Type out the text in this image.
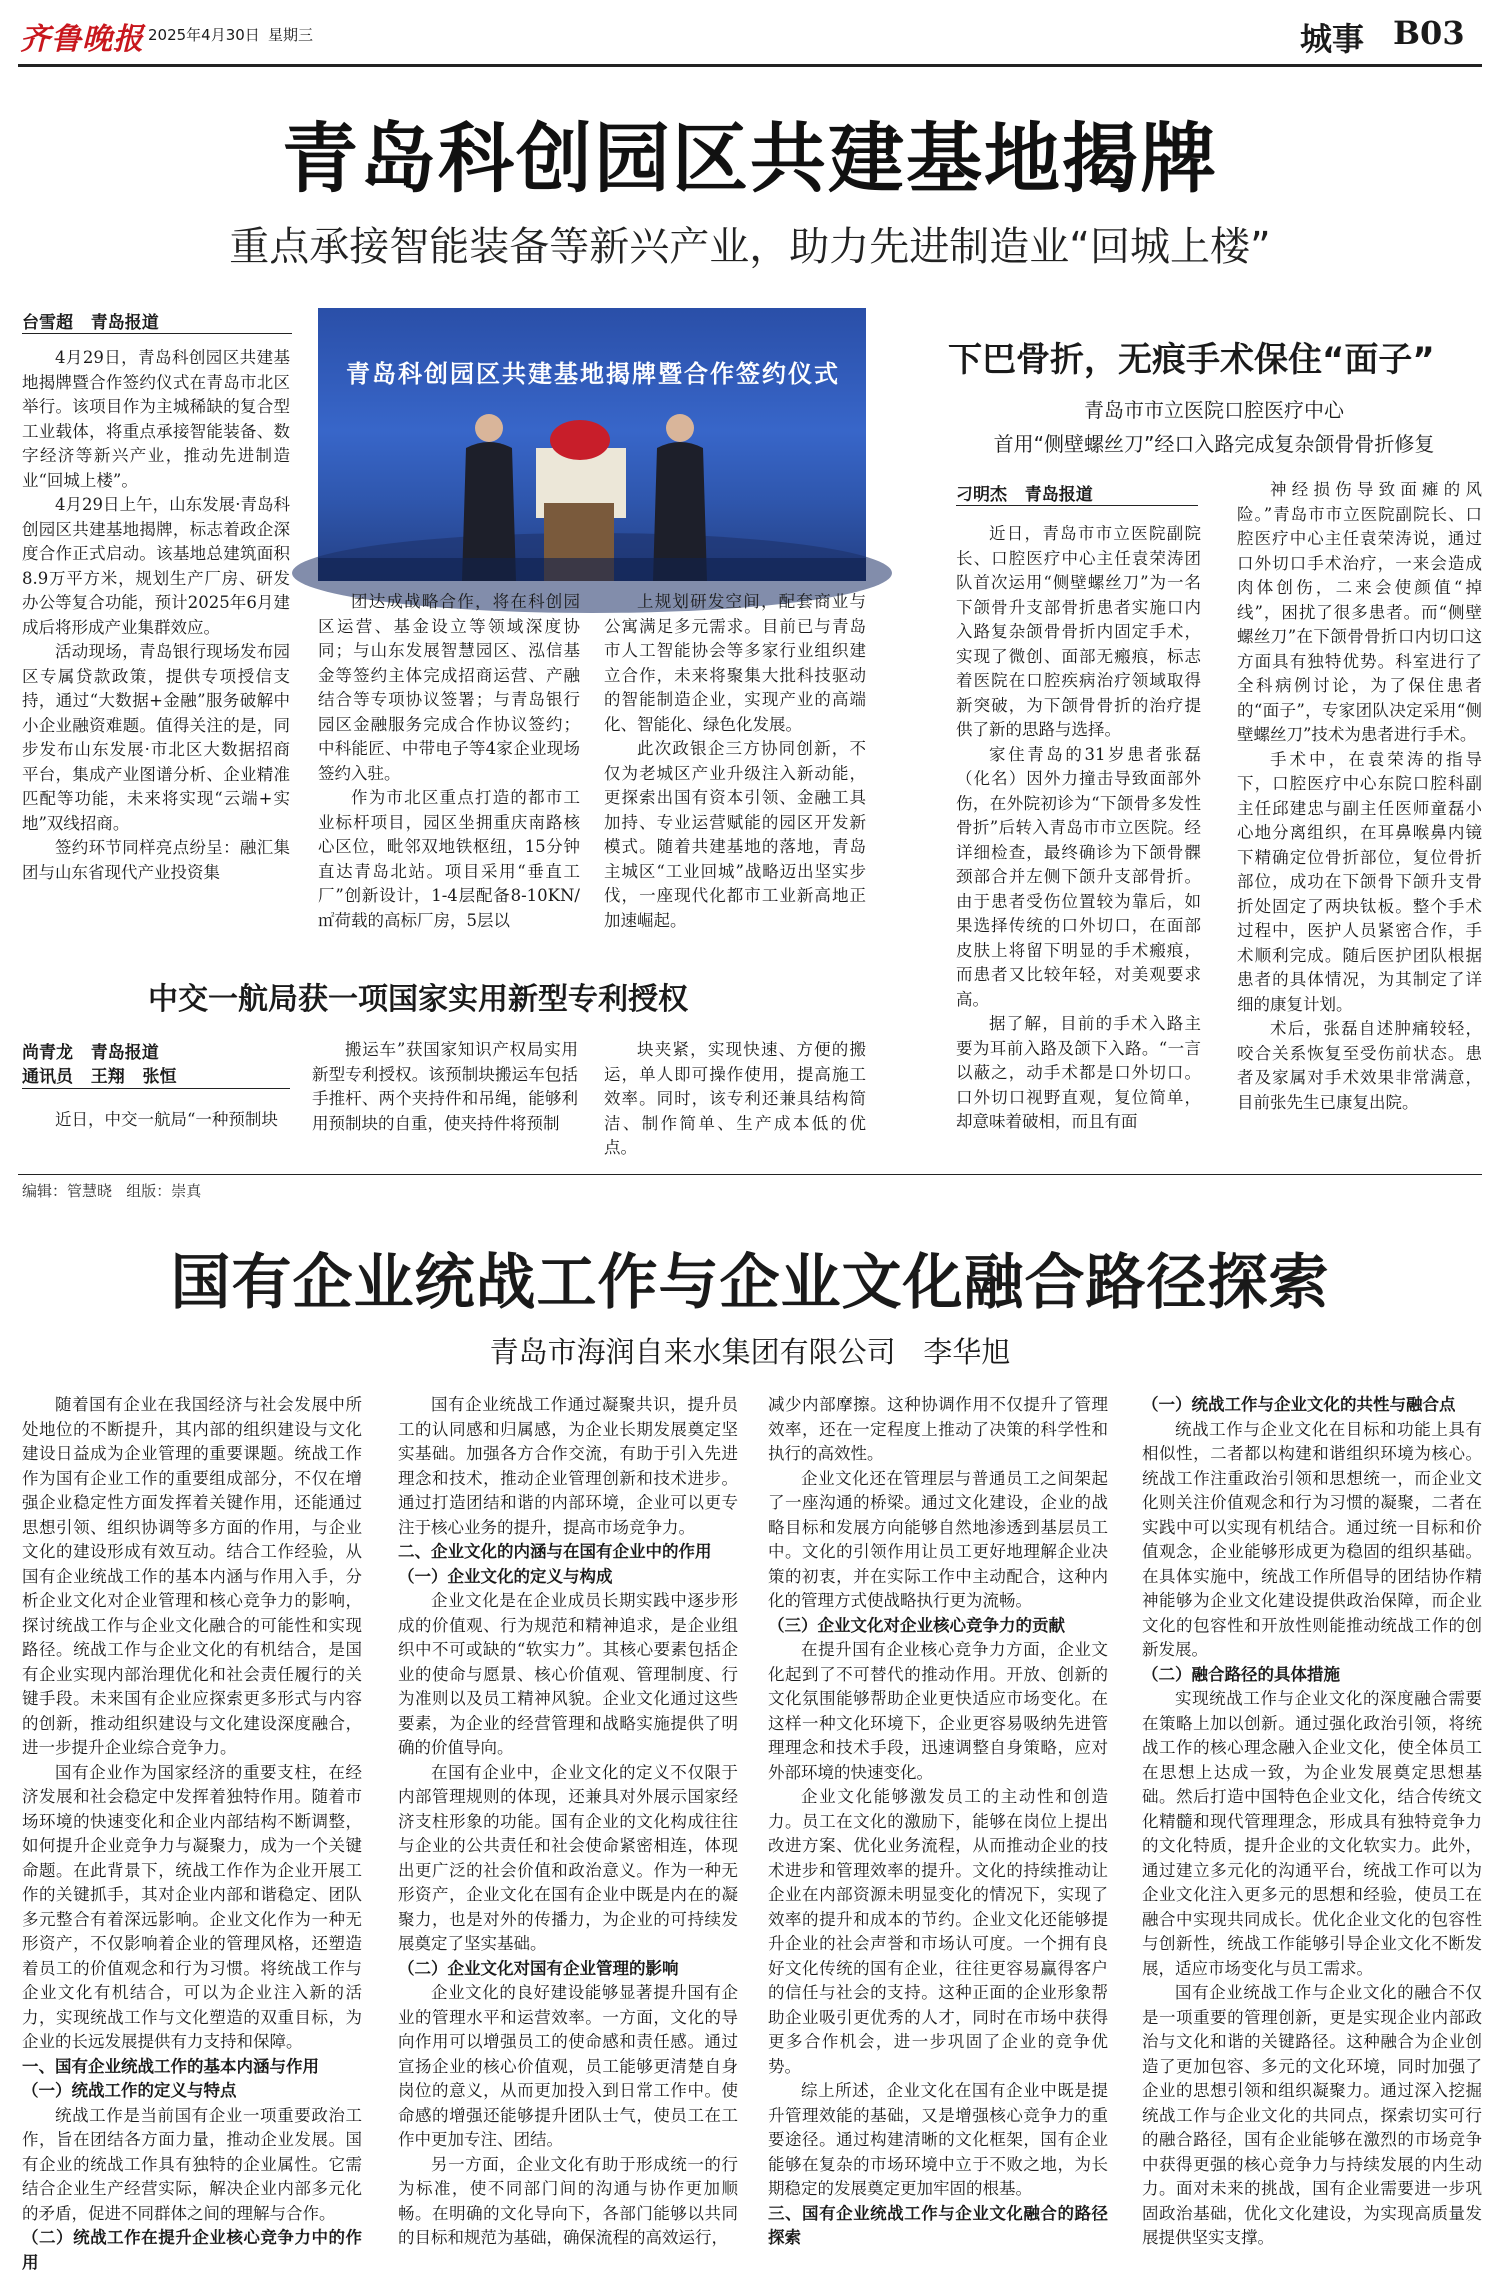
齐鲁晚报 2025年4月30日 星期三	城事 B03
青岛科创园区共建基地揭牌
重点承接智能装备等新兴产业，助力先进制造业“回城上楼”
台雪超   青岛报道

4月29日，青岛科创园区共建基地揭牌暨合作签约仪式在青岛市北区举行。该项目作为主城稀缺的复合型工业载体，将重点承接智能装备、数字经济等新兴产业，推动先进制造业“回城上楼”。

4月29日上午，山东发展·青岛科创园区共建基地揭牌，标志着政企深度合作正式启动。该基地总建筑面积8.9万平方米，规划生产厂房、研发办公等复合功能，预计2025年6月建成后将形成产业集群效应。

活动现场，青岛银行现场发布园区专属贷款政策，提供专项授信支持，通过“大数据+金融”服务破解中小企业融资难题。值得关注的是，同步发布山东发展·市北区大数据招商平台，集成产业图谱分析、企业精准匹配等功能，未来将实现“云端+实地”双线招商。

签约环节同样亮点纷呈：融汇集团与山东省现代产业投资集

青岛科创园区共建基地揭牌暨合作签约仪式

团达成战略合作，将在科创园区运营、基金设立等领域深度协同；与山东发展智慧园区、泓信基金等签约主体完成招商运营、产融结合等专项协议签署；与青岛银行园区金融服务完成合作协议签约；中科能匠、中带电子等4家企业现场签约入驻。

作为市北区重点打造的都市工业标杆项目，园区坐拥重庆南路核心区位，毗邻双地铁枢纽，15分钟直达青岛北站。项目采用“垂直工厂”创新设计，1-4层配备8-10KN/㎡荷载的高标厂房，5层以

上规划研发空间，配套商业与公寓满足多元需求。目前已与青岛市人工智能协会等多家行业组织建立合作，未来将聚集大批科技驱动的智能制造企业，实现产业的高端化、智能化、绿色化发展。

此次政银企三方协同创新，不仅为老城区产业升级注入新动能，更探索出国有资本引领、金融工具加持、专业运营赋能的园区开发新模式。随着共建基地的落地，青岛主城区“工业回城”战略迈出坚实步伐，一座现代化都市工业新高地正加速崛起。

下巴骨折，无痕手术保住“面子”
青岛市市立医院口腔医疗中心
首用“侧壁螺丝刀”经口入路完成复杂颌骨骨折修复
刁明杰   青岛报道

近日，青岛市市立医院副院长、口腔医疗中心主任袁荣涛团队首次运用“侧壁螺丝刀”为一名下颌骨升支部骨折患者实施口内入路复杂颌骨骨折内固定手术，实现了微创、面部无瘢痕，标志着医院在口腔疾病治疗领域取得新突破，为下颌骨骨折的治疗提供了新的思路与选择。

家住青岛的31岁患者张磊（化名）因外力撞击导致面部外伤，在外院初诊为“下颌骨多发性骨折”后转入青岛市市立医院。经详细检查，最终确诊为下颌骨髁颈部合并左侧下颌升支部骨折。由于患者受伤位置较为靠后，如果选择传统的口外切口，在面部皮肤上将留下明显的手术瘢痕，而患者又比较年轻，对美观要求高。

据了解，目前的手术入路主要为耳前入路及颌下入路。“一言以蔽之，动手术都是口外切口。口外切口视野直观，复位简单，却意味着破相，而且有面

神经损伤导致面瘫的风险。”青岛市市立医院副院长、口腔医疗中心主任袁荣涛说，通过口外切口手术治疗，一来会造成肉体创伤，二来会使颜值“掉线”，困扰了很多患者。而“侧壁螺丝刀”在下颌骨骨折口内切口这方面具有独特优势。科室进行了全科病例讨论，为了保住患者的“面子”，专家团队决定采用“侧壁螺丝刀”技术为患者进行手术。

手术中，在袁荣涛的指导下，口腔医疗中心东院口腔科副主任邱建忠与副主任医师童磊小心地分离组织，在耳鼻喉鼻内镜下精确定位骨折部位，复位骨折部位，成功在下颌骨下颌升支骨折处固定了两块钛板。整个手术过程中，医护人员紧密合作，手术顺利完成。随后医护团队根据患者的具体情况，为其制定了详细的康复计划。

术后，张磊自述肿痛较轻，咬合关系恢复至受伤前状态。患者及家属对手术效果非常满意，目前张先生已康复出院。

中交一航局获一项国家实用新型专利授权
尚青龙   青岛报道
通讯员   王翔   张恒

近日，中交一航局“一种预制块

搬运车”获国家知识产权局实用新型专利授权。该预制块搬运车包括手推杆、两个夹持件和吊绳，能够利用预制块的自重，使夹持件将预制

块夹紧，实现快速、方便的搬运，单人即可操作使用，提高施工效率。同时，该专利还兼具结构简洁、制作简单、生产成本低的优点。

编辑：管慧晓   组版：崇真
国有企业统战工作与企业文化融合路径探索
青岛市海润自来水集团有限公司   李华旭

随着国有企业在我国经济与社会发展中所处地位的不断提升，其内部的组织建设与文化建设日益成为企业管理的重要课题。统战工作作为国有企业工作的重要组成部分，不仅在增强企业稳定性方面发挥着关键作用，还能通过思想引领、组织协调等多方面的作用，与企业文化的建设形成有效互动。结合工作经验，从国有企业统战工作的基本内涵与作用入手，分析企业文化对企业管理和核心竞争力的影响，探讨统战工作与企业文化融合的可能性和实现路径。统战工作与企业文化的有机结合，是国有企业实现内部治理优化和社会责任履行的关键手段。未来国有企业应探索更多形式与内容的创新，推动组织建设与文化建设深度融合，进一步提升企业综合竞争力。

国有企业作为国家经济的重要支柱，在经济发展和社会稳定中发挥着独特作用。随着市场环境的快速变化和企业内部结构不断调整，如何提升企业竞争力与凝聚力，成为一个关键命题。在此背景下，统战工作作为企业开展工作的关键抓手，其对企业内部和谐稳定、团队多元整合有着深远影响。企业文化作为一种无形资产，不仅影响着企业的管理风格，还塑造着员工的价值观念和行为习惯。将统战工作与企业文化有机结合，可以为企业注入新的活力，实现统战工作与文化塑造的双重目标，为企业的长远发展提供有力支持和保障。

一、国有企业统战工作的基本内涵与作用

（一）统战工作的定义与特点

统战工作是当前国有企业一项重要政治工作，旨在团结各方面力量，推动企业发展。国有企业的统战工作具有独特的企业属性。它需结合企业生产经营实际，解决企业内部多元化的矛盾，促进不同群体之间的理解与合作。

（二）统战工作在提升企业核心竞争力中的作用

国有企业统战工作通过凝聚共识，提升员工的认同感和归属感，为企业长期发展奠定坚实基础。加强各方合作交流，有助于引入先进理念和技术，推动企业管理创新和技术进步。通过打造团结和谐的内部环境，企业可以更专注于核心业务的提升，提高市场竞争力。

二、企业文化的内涵与在国有企业中的作用

（一）企业文化的定义与构成

企业文化是在企业成员长期实践中逐步形成的价值观、行为规范和精神追求，是企业组织中不可或缺的“软实力”。其核心要素包括企业的使命与愿景、核心价值观、管理制度、行为准则以及员工精神风貌。企业文化通过这些要素，为企业的经营管理和战略实施提供了明确的价值导向。

在国有企业中，企业文化的定义不仅限于内部管理规则的体现，还兼具对外展示国家经济支柱形象的功能。国有企业的文化构成往往与企业的公共责任和社会使命紧密相连，体现出更广泛的社会价值和政治意义。作为一种无形资产，企业文化在国有企业中既是内在的凝聚力，也是对外的传播力，为企业的可持续发展奠定了坚实基础。

（二）企业文化对国有企业管理的影响

企业文化的良好建设能够显著提升国有企业的管理水平和运营效率。一方面，文化的导向作用可以增强员工的使命感和责任感。通过宣扬企业的核心价值观，员工能够更清楚自身岗位的意义，从而更加投入到日常工作中。使命感的增强还能够提升团队士气，使员工在工作中更加专注、团结。

另一方面，企业文化有助于形成统一的行为标准，使不同部门间的沟通与协作更加顺畅。在明确的文化导向下，各部门能够以共同的目标和规范为基础，确保流程的高效运行，

减少内部摩擦。这种协调作用不仅提升了管理效率，还在一定程度上推动了决策的科学性和执行的高效性。

企业文化还在管理层与普通员工之间架起了一座沟通的桥梁。通过文化建设，企业的战略目标和发展方向能够自然地渗透到基层员工中。文化的引领作用让员工更好地理解企业决策的初衷，并在实际工作中主动配合，这种内化的管理方式使战略执行更为流畅。

（三）企业文化对企业核心竞争力的贡献

在提升国有企业核心竞争力方面，企业文化起到了不可替代的推动作用。开放、创新的文化氛围能够帮助企业更快适应市场变化。在这样一种文化环境下，企业更容易吸纳先进管理理念和技术手段，迅速调整自身策略，应对外部环境的快速变化。

企业文化能够激发员工的主动性和创造力。员工在文化的激励下，能够在岗位上提出改进方案、优化业务流程，从而推动企业的技术进步和管理效率的提升。文化的持续推动让企业在内部资源未明显变化的情况下，实现了效率的提升和成本的节约。企业文化还能够提升企业的社会声誉和市场认可度。一个拥有良好文化传统的国有企业，往往更容易赢得客户的信任与社会的支持。这种正面的企业形象帮助企业吸引更优秀的人才，同时在市场中获得更多合作机会，进一步巩固了企业的竞争优势。

综上所述，企业文化在国有企业中既是提升管理效能的基础，又是增强核心竞争力的重要途径。通过构建清晰的文化框架，国有企业能够在复杂的市场环境中立于不败之地，为长期稳定的发展奠定更加牢固的根基。

三、国有企业统战工作与企业文化融合的路径探索

（一）统战工作与企业文化的共性与融合点

统战工作与企业文化在目标和功能上具有相似性，二者都以构建和谐组织环境为核心。统战工作注重政治引领和思想统一，而企业文化则关注价值观念和行为习惯的凝聚，二者在实践中可以实现有机结合。通过统一目标和价值观念，企业能够形成更为稳固的组织基础。在具体实施中，统战工作所倡导的团结协作精神能够为企业文化建设提供政治保障，而企业文化的包容性和开放性则能推动统战工作的创新发展。

（二）融合路径的具体措施

实现统战工作与企业文化的深度融合需要在策略上加以创新。通过强化政治引领，将统战工作的核心理念融入企业文化，使全体员工在思想上达成一致，为企业发展奠定思想基础。然后打造中国特色企业文化，结合传统文化精髓和现代管理理念，形成具有独特竞争力的文化特质，提升企业的文化软实力。此外，通过建立多元化的沟通平台，统战工作可以为企业文化注入更多元的思想和经验，使员工在融合中实现共同成长。优化企业文化的包容性与创新性，统战工作能够引导企业文化不断发展，适应市场变化与员工需求。

国有企业统战工作与企业文化的融合不仅是一项重要的管理创新，更是实现企业内部政治与文化和谐的关键路径。这种融合为企业创造了更加包容、多元的文化环境，同时加强了企业的思想引领和组织凝聚力。通过深入挖掘统战工作与企业文化的共同点，探索切实可行的融合路径，国有企业能够在激烈的市场竞争中获得更强的核心竞争力与持续发展的内生动力。面对未来的挑战，国有企业需要进一步巩固政治基础，优化文化建设，为实现高质量发展提供坚实支撑。
